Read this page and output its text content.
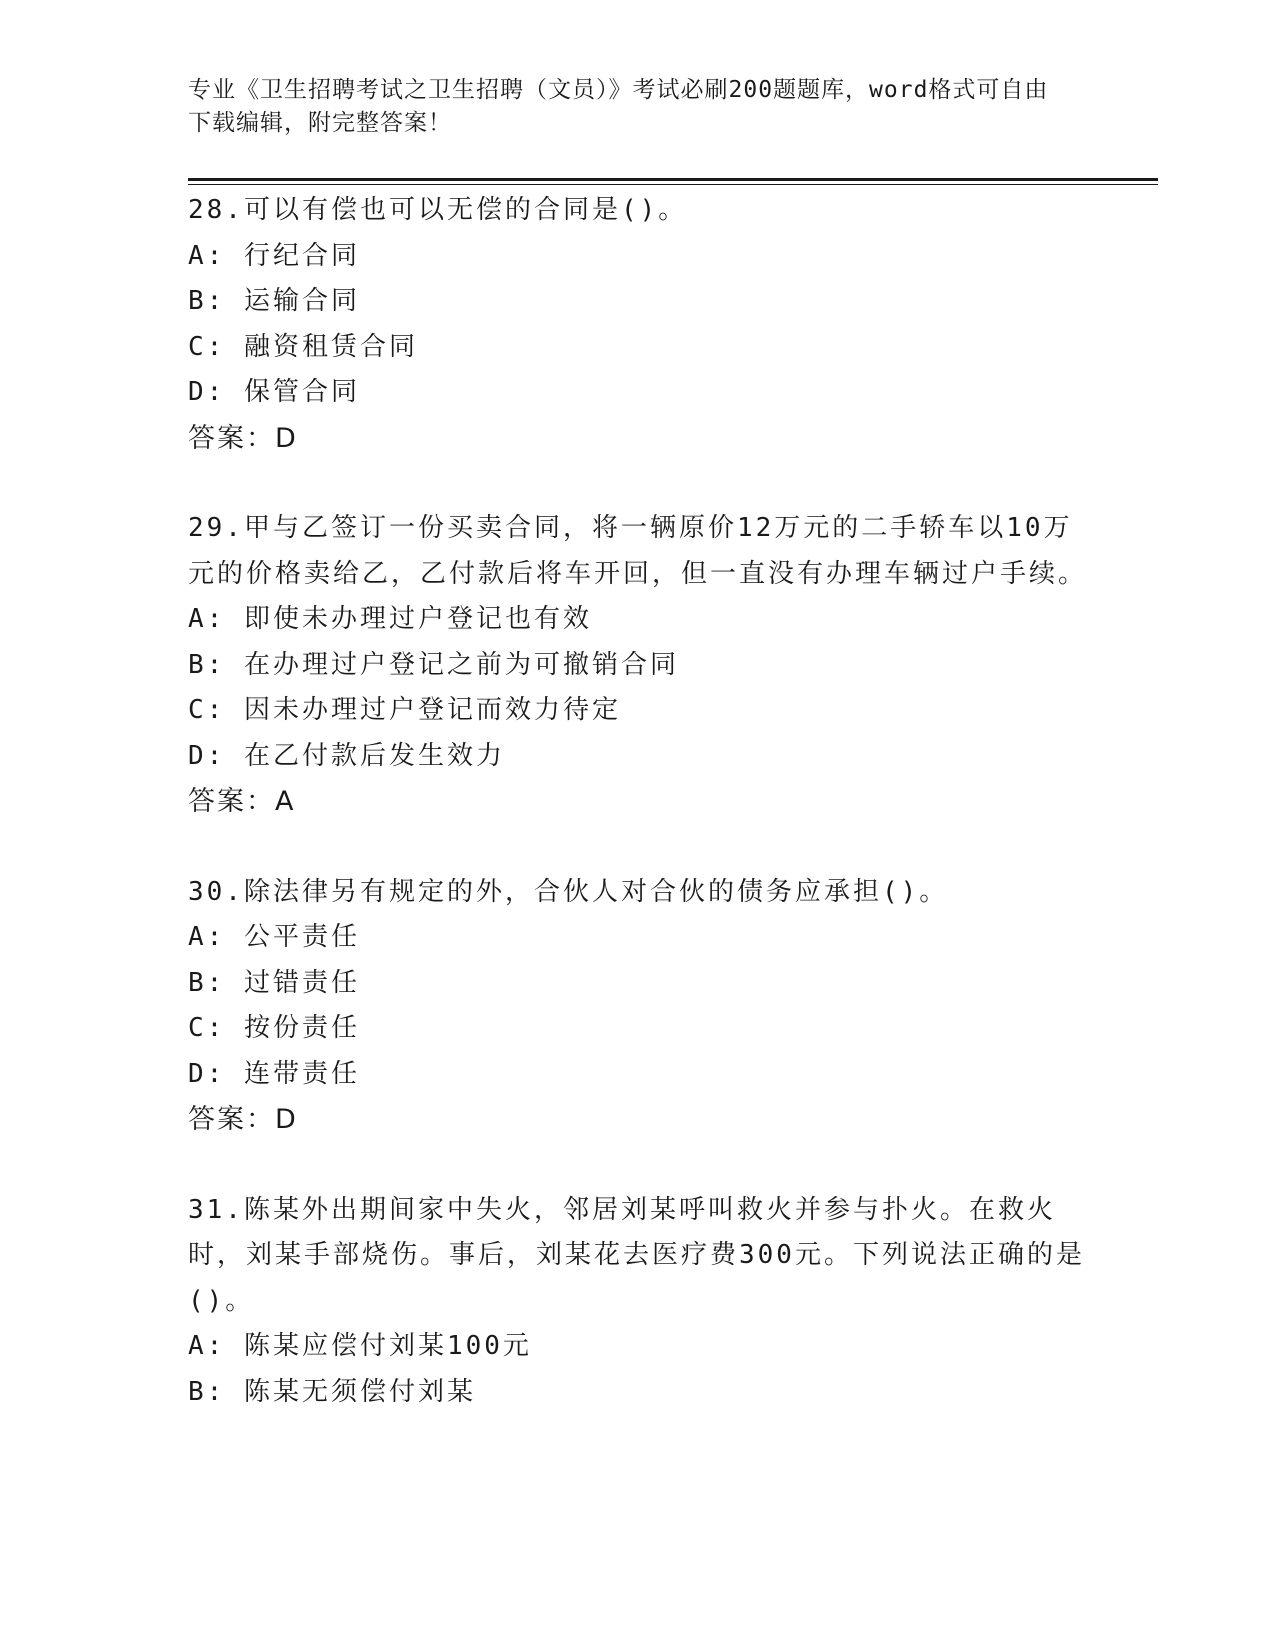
专业《卫生招聘考试之卫生招聘（文员）》考试必刷200题题库，word格式可自由下载编辑，附完整答案！

28.可以有偿也可以无偿的合同是()。

A: 行纪合同

B: 运输合同

C: 融资租赁合同

D: 保管合同

答案：D

29.甲与乙签订一份买卖合同，将一辆原价12万元的二手轿车以10万元的价格卖给乙，乙付款后将车开回，但一直没有办理车辆过户手续。

A: 即使未办理过户登记也有效

B: 在办理过户登记之前为可撤销合同

C: 因未办理过户登记而效力待定

D: 在乙付款后发生效力

答案：A

30.除法律另有规定的外，合伙人对合伙的债务应承担()。

A: 公平责任

B: 过错责任

C: 按份责任

D: 连带责任

答案：D

31.陈某外出期间家中失火，邻居刘某呼叫救火并参与扑火。在救火时，刘某手部烧伤。事后，刘某花去医疗费300元。下列说法正确的是()。

A: 陈某应偿付刘某100元

B: 陈某无须偿付刘某
